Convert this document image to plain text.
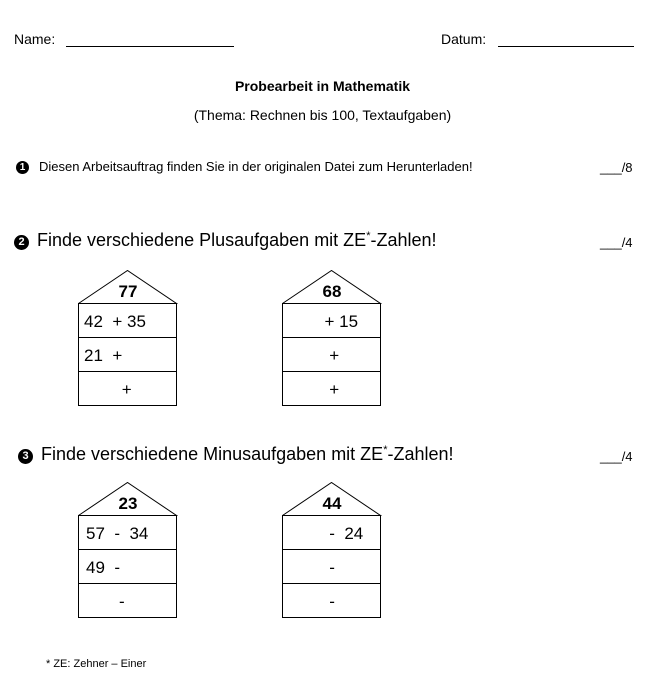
Name:	Datum:
Probearbeit in Mathematik
(Thema: Rechnen bis 100, Textaufgaben)
1 Diesen Arbeitsauftrag finden Sie in der originalen Datei zum Herunterladen!	___/8
2 Finde verschiedene Plusaufgaben mit ZE*-Zahlen!	___/4
77
42  + 35
21  +
+
68
+ 15
+
+
3 Finde verschiedene Minusaufgaben mit ZE*-Zahlen!	___/4
23
57  -  34
49  -
-
44
-  24
-
-
* ZE: Zehner – Einer
